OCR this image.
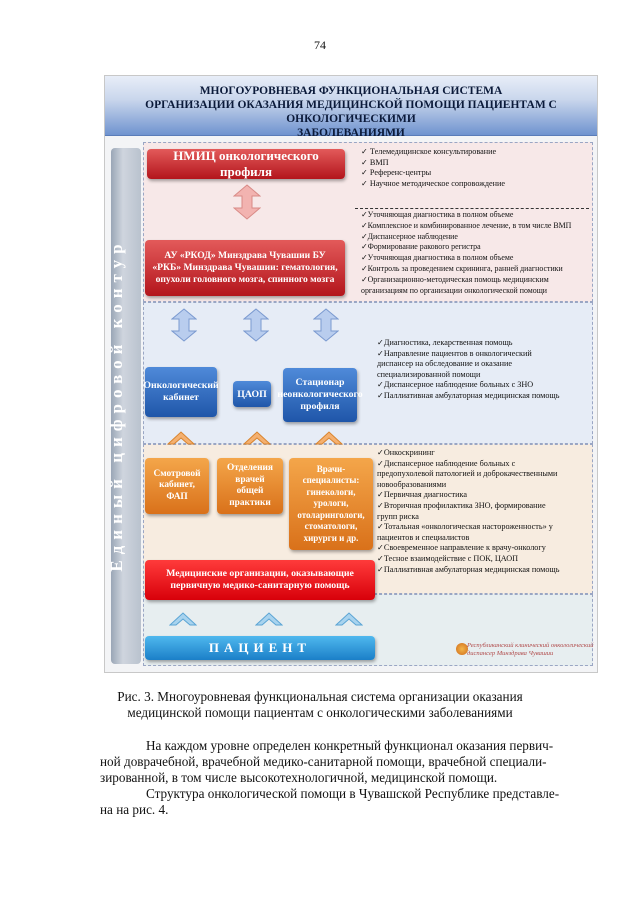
74
МНОГОУРОВНЕВАЯ ФУНКЦИОНАЛЬНАЯ СИСТЕМА
ОРГАНИЗАЦИИ ОКАЗАНИЯ МЕДИЦИНСКОЙ ПОМОЩИ ПАЦИЕНТАМ С ОНКОЛОГИЧЕСКИМИ
ЗАБОЛЕВАНИЯМИ
Единый цифровой контур
НМИЦ онкологического профиля
✓ Телемедицинское консультирование
✓ ВМП
✓ Референс-центры
✓ Научное методическое сопровождение
АУ «РКОД» Минздрава Чувашии БУ «РКБ» Минздрава Чувашии: гематология, опухоли головного мозга, спинного мозга
✓Уточняющая диагностика в полном объеме
✓Комплексное и комбинированное лечение, в том числе ВМП
✓Диспансерное наблюдение
✓Формирование ракового регистра
✓Уточняющая диагностика в полном объеме
✓Контроль за проведением скрининга, ранней диагностики
✓Организационно-методическая помощь медицинским
организациям по организации онкологической помощи
Онкологический кабинет	ЦАОП
Стационар неонкологического профиля
✓Диагностика, лекарственная помощь
✓Направление пациентов в онкологический
диспансер на обследование и оказание
специализированной помощи
✓Диспансерное наблюдение больных с ЗНО
✓Паллиативная амбулаторная медицинская помощь
Смотровой кабинет, ФАП
Отделения врачей общей практики
Врачи-специалисты: гинекологи, урологи, отоларингологи, стоматологи, хирурги и др.
✓Онкоскрининг
✓Диспансерное наблюдение больных с
предопухолевой патологией и доброкачественными
новообразованиями
✓Первичная диагностика
✓Вторичная профилактика ЗНО, формирование
групп риска
✓Тотальная «онкологическая настороженность» у
пациентов и специалистов
✓Своевременное направление к врачу-онкологу
✓Тесное взаимодействие с ПОК, ЦАОП
✓Паллиативная амбулаторная медицинская помощь
Медицинские организации, оказывающие первичную медико-санитарную помощь
ПАЦИЕНТ	Республиканский клинический онкологический
диспансер Минздрава Чувашии
Рис. 3. Многоуровневая функциональная система организации оказания
медицинской помощи пациентам с онкологическими заболеваниями
На каждом уровне определен конкретный функционал оказания первич-
ной доврачебной, врачебной медико-санитарной помощи, врачебной специали-
зированной, в том числе высокотехнологичной, медицинской помощи.
Структура онкологической помощи в Чувашской Республике представле-
на на рис. 4.
